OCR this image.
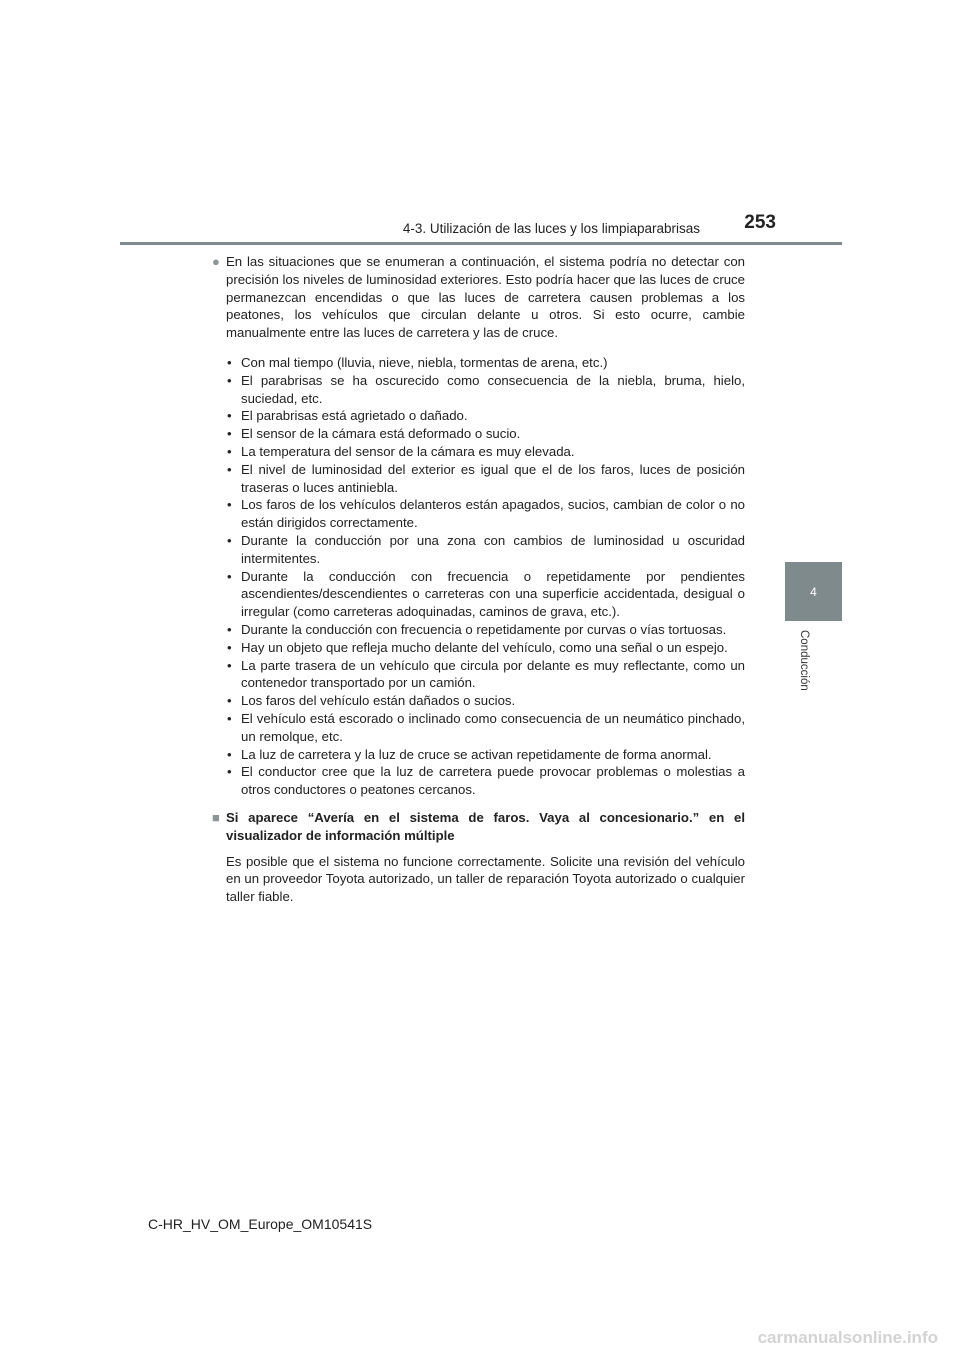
4-3. Utilización de las luces y los limpiaparabrisas 253
4
Conducción

● En las situaciones que se enumeran a continuación, el sistema podría no detectar con precisión los niveles de luminosidad exteriores. Esto podría hacer que las luces de cruce permanezcan encendidas o que las luces de carretera causen problemas a los peatones, los vehículos que circulan delante u otros. Si esto ocurre, cambie manualmente entre las luces de carretera y las de cruce.

• Con mal tiempo (lluvia, nieve, niebla, tormentas de arena, etc.)
• El parabrisas se ha oscurecido como consecuencia de la niebla, bruma, hielo, suciedad, etc.
• El parabrisas está agrietado o dañado.
• El sensor de la cámara está deformado o sucio.
• La temperatura del sensor de la cámara es muy elevada.
• El nivel de luminosidad del exterior es igual que el de los faros, luces de posición traseras o luces antiniebla.
• Los faros de los vehículos delanteros están apagados, sucios, cambian de color o no están dirigidos correctamente.
• Durante la conducción por una zona con cambios de luminosidad u oscuridad intermitentes.
• Durante la conducción con frecuencia o repetidamente por pendientes ascendientes/descendientes o carreteras con una superficie accidentada, desigual o irregular (como carreteras adoquinadas, caminos de grava, etc.).
• Durante la conducción con frecuencia o repetidamente por curvas o vías tortuosas.
• Hay un objeto que refleja mucho delante del vehículo, como una señal o un espejo.
• La parte trasera de un vehículo que circula por delante es muy reflectante, como un contenedor transportado por un camión.
• Los faros del vehículo están dañados o sucios.
• El vehículo está escorado o inclinado como consecuencia de un neumático pinchado, un remolque, etc.
• La luz de carretera y la luz de cruce se activan repetidamente de forma anormal.
• El conductor cree que la luz de carretera puede provocar problemas o molestias a otros conductores o peatones cercanos.

■ Si aparece “Avería en el sistema de faros. Vaya al concesionario.” en el visualizador de información múltiple

Es posible que el sistema no funcione correctamente. Solicite una revisión del vehículo en un proveedor Toyota autorizado, un taller de reparación Toyota autorizado o cualquier taller fiable.

C-HR_HV_OM_Europe_OM10541S
carmanualsonline.info
